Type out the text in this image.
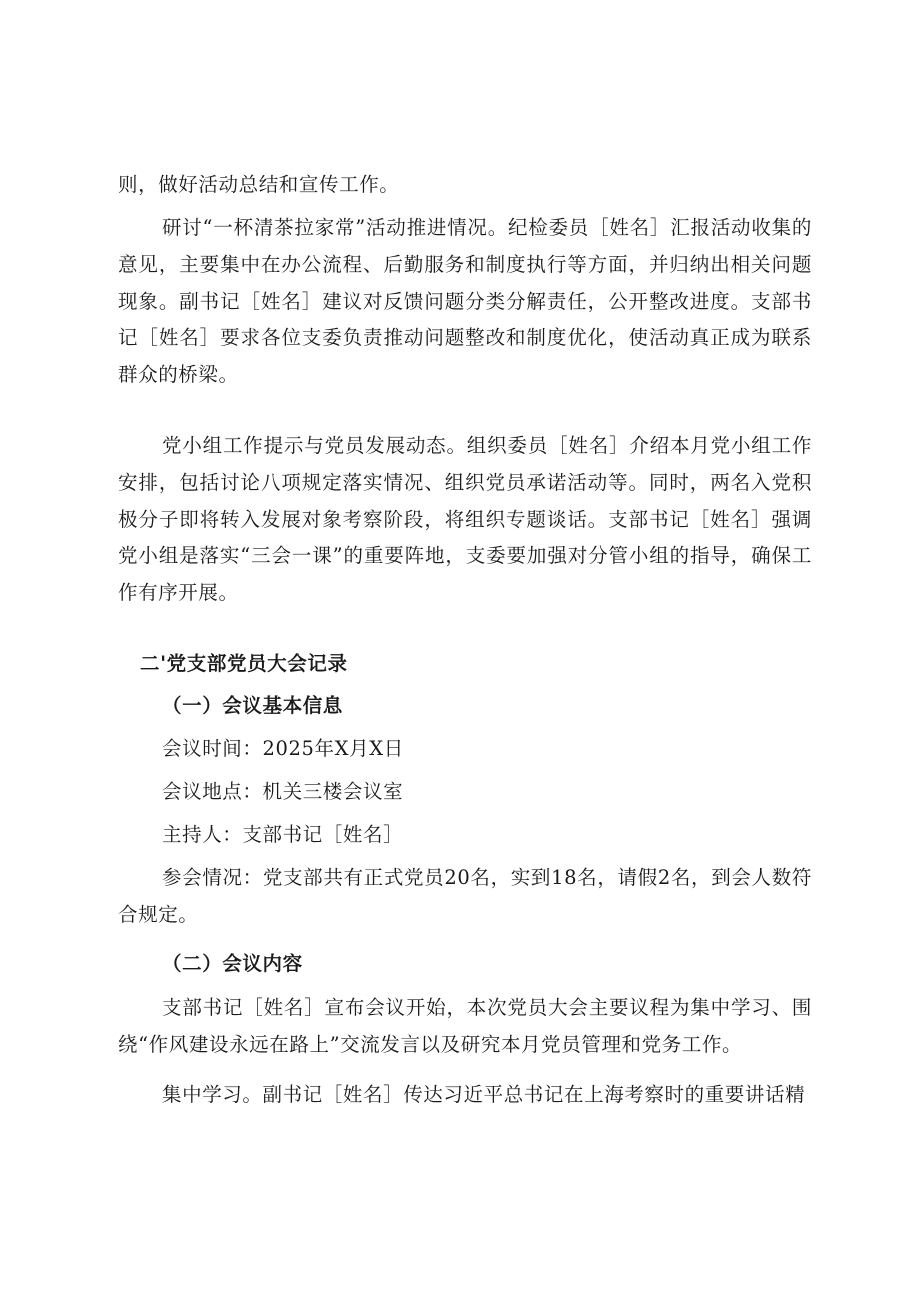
则，做好活动总结和宣传工作。

研讨“一杯清茶拉家常”活动推进情况。纪检委员［姓名］汇报活动收集的意见，主要集中在办公流程、后勤服务和制度执行等方面，并归纳出相关问题现象。副书记［姓名］建议对反馈问题分类分解责任，公开整改进度。支部书记［姓名］要求各位支委负责推动问题整改和制度优化，使活动真正成为联系群众的桥梁。

党小组工作提示与党员发展动态。组织委员［姓名］介绍本月党小组工作安排，包括讨论八项规定落实情况、组织党员承诺活动等。同时，两名入党积极分子即将转入发展对象考察阶段，将组织专题谈话。支部书记［姓名］强调党小组是落实“三会一课”的重要阵地，支委要加强对分管小组的指导，确保工作有序开展。

二'党支部党员大会记录

（一）会议基本信息

会议时间：2025年X月X日

会议地点：机关三楼会议室

主持人：支部书记［姓名］

参会情况：党支部共有正式党员20名，实到18名，请假2名，到会人数符合规定。

（二）会议内容

支部书记［姓名］宣布会议开始，本次党员大会主要议程为集中学习、围绕“作风建设永远在路上”交流发言以及研究本月党员管理和党务工作。

集中学习。副书记［姓名］传达习近平总书记在上海考察时的重要讲话精
